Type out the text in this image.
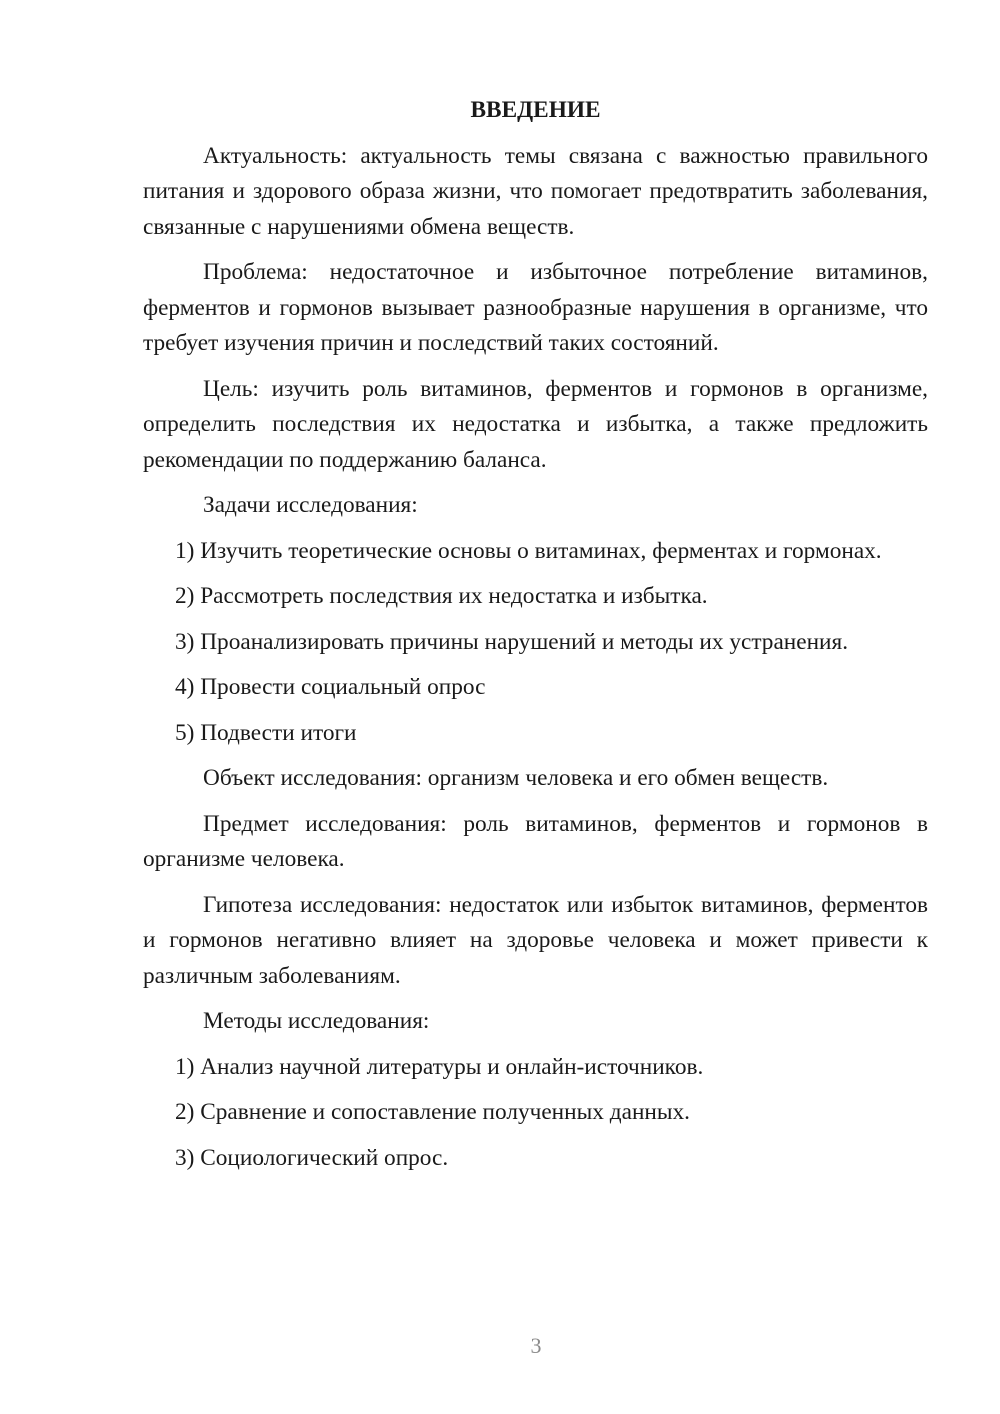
ВВЕДЕНИЕ
Актуальность: актуальность темы связана с важностью правильного питания и здорового образа жизни, что помогает предотвратить заболевания, связанные с нарушениями обмена веществ.
Проблема: недостаточное и избыточное потребление витаминов, ферментов и гормонов вызывает разнообразные нарушения в организме, что требует изучения причин и последствий таких состояний.
Цель: изучить роль витаминов, ферментов и гормонов в организме, определить последствия их недостатка и избытка, а также предложить рекомендации по поддержанию баланса.
Задачи исследования:
1) Изучить теоретические основы о витаминах, ферментах и гормонах.
2) Рассмотреть последствия их недостатка и избытка.
3) Проанализировать причины нарушений и методы их устранения.
4) Провести социальный опрос
5) Подвести итоги
Объект исследования: организм человека и его обмен веществ.
Предмет исследования: роль витаминов, ферментов и гормонов в организме человека.
Гипотеза исследования: недостаток или избыток витаминов, ферментов и гормонов негативно влияет на здоровье человека и может привести к различным заболеваниям.
Методы исследования:
1) Анализ научной литературы и онлайн-источников.
2) Сравнение и сопоставление полученных данных.
3) Социологический опрос.
3
